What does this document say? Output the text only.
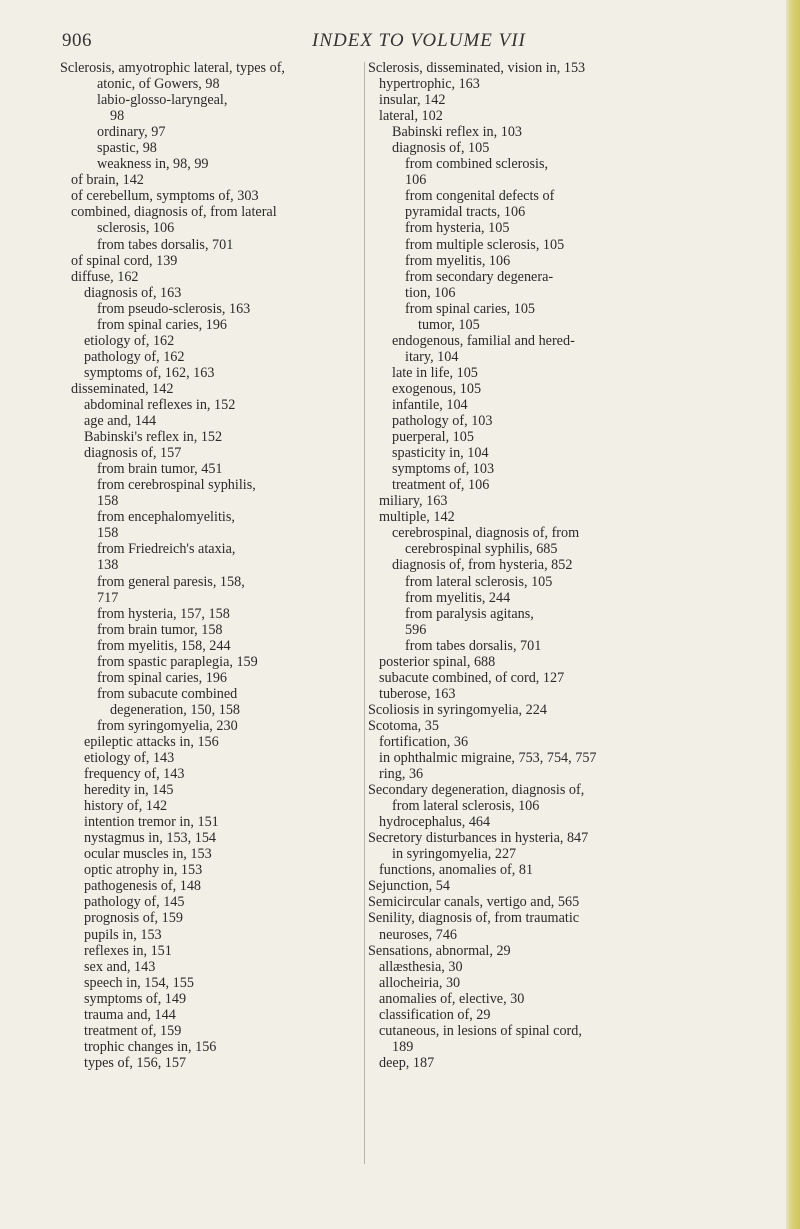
906	INDEX TO VOLUME VII
Sclerosis, amyotrophic lateral, types of,
atonic, of Gowers, 98
labio-glosso-laryngeal,
98
ordinary, 97
spastic, 98
weakness in, 98, 99
of brain, 142
of cerebellum, symptoms of, 303
combined, diagnosis of, from lateral
sclerosis, 106
from tabes dorsalis, 701
of spinal cord, 139
diffuse, 162
diagnosis of, 163
from pseudo-sclerosis, 163
from spinal caries, 196
etiology of, 162
pathology of, 162
symptoms of, 162, 163
disseminated, 142
abdominal reflexes in, 152
age and, 144
Babinski's reflex in, 152
diagnosis of, 157
from brain tumor, 451
from cerebrospinal syphilis,
158
from encephalomyelitis,
158
from Friedreich's ataxia,
138
from general paresis, 158,
717
from hysteria, 157, 158
from brain tumor, 158
from myelitis, 158, 244
from spastic paraplegia, 159
from spinal caries, 196
from subacute combined
degeneration, 150, 158
from syringomyelia, 230
epileptic attacks in, 156
etiology of, 143
frequency of, 143
heredity in, 145
history of, 142
intention tremor in, 151
nystagmus in, 153, 154
ocular muscles in, 153
optic atrophy in, 153
pathogenesis of, 148
pathology of, 145
prognosis of, 159
pupils in, 153
reflexes in, 151
sex and, 143
speech in, 154, 155
symptoms of, 149
trauma and, 144
treatment of, 159
trophic changes in, 156
types of, 156, 157
Sclerosis, disseminated, vision in, 153
hypertrophic, 163
insular, 142
lateral, 102
Babinski reflex in, 103
diagnosis of, 105
from combined sclerosis,
106
from congenital defects of
pyramidal tracts, 106
from hysteria, 105
from multiple sclerosis, 105
from myelitis, 106
from secondary degenera-
tion, 106
from spinal caries, 105
tumor, 105
endogenous, familial and hered-
itary, 104
late in life, 105
exogenous, 105
infantile, 104
pathology of, 103
puerperal, 105
spasticity in, 104
symptoms of, 103
treatment of, 106
miliary, 163
multiple, 142
cerebrospinal, diagnosis of, from
cerebrospinal syphilis, 685
diagnosis of, from hysteria, 852
from lateral sclerosis, 105
from myelitis, 244
from paralysis agitans,
596
from tabes dorsalis, 701
posterior spinal, 688
subacute combined, of cord, 127
tuberose, 163
Scoliosis in syringomyelia, 224
Scotoma, 35
fortification, 36
in ophthalmic migraine, 753, 754, 757
ring, 36
Secondary degeneration, diagnosis of,
from lateral sclerosis, 106
hydrocephalus, 464
Secretory disturbances in hysteria, 847
in syringomyelia, 227
functions, anomalies of, 81
Sejunction, 54
Semicircular canals, vertigo and, 565
Senility, diagnosis of, from traumatic
neuroses, 746
Sensations, abnormal, 29
allæsthesia, 30
allocheiria, 30
anomalies of, elective, 30
classification of, 29
cutaneous, in lesions of spinal cord,
189
deep, 187
